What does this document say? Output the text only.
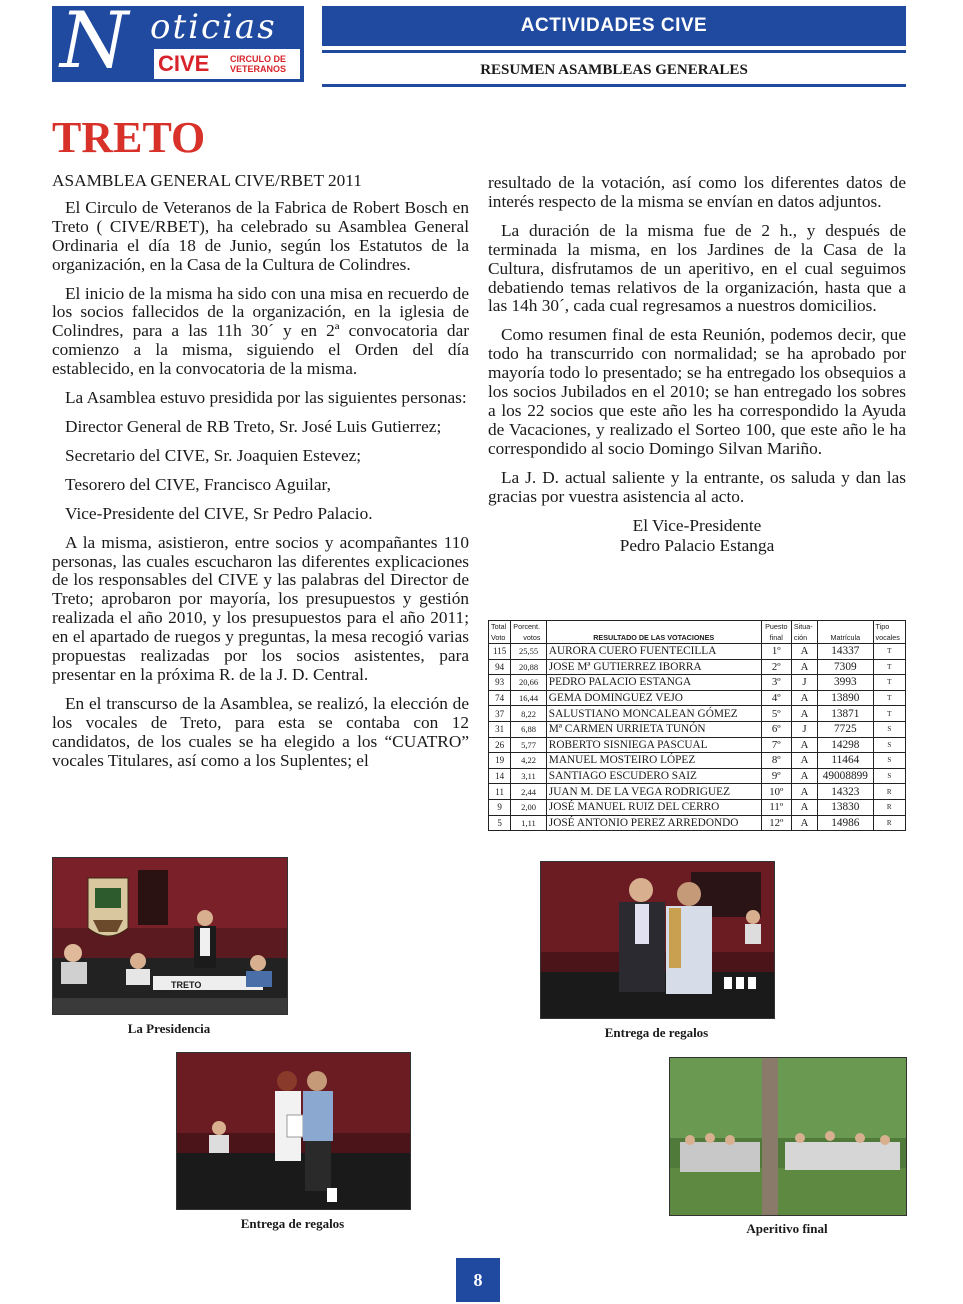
N oticias
CIVE	CIRCULO DE
VETERANOS
ACTIVIDADES CIVE
RESUMEN ASAMBLEAS GENERALES
TRETO

ASAMBLEA GENERAL CIVE/RBET 2011

El Circulo de Veteranos de la Fabrica de Robert Bosch en Treto ( CIVE/RBET), ha celebrado su Asamblea General Ordinaria el día 18 de Junio, según los Estatutos de la organización, en la Casa de la Cultura de Colindres.

El inicio de la misma ha sido con una misa en recuerdo de los socios fallecidos de la organización, en la iglesia de Colindres, para a las 11h 30´ y en 2ª convocatoria dar comienzo a la misma, siguiendo el Orden del día establecido, en la convocatoria de la misma.

La Asamblea estuvo presidida por las siguientes personas:

Director General de RB Treto, Sr. José Luis Gutierrez;

Secretario del CIVE, Sr. Joaquien Estevez;

Tesorero del CIVE, Francisco Aguilar,

Vice-Presidente del CIVE, Sr Pedro Palacio.

A la misma, asistieron, entre socios y acompañantes 110 personas, las cuales escucharon las diferentes explicaciones de los responsables del CIVE y las palabras del Director de Treto; aprobaron por mayoría, los presupuestos y gestión realizada el año 2010, y los presupuestos para el año 2011; en el apartado de ruegos y preguntas, la mesa recogió varias propuestas realizadas por los socios asistentes, para presentar en la próxima R. de la J. D. Central.

En el transcurso de la Asamblea, se realizó, la elección de los vocales de Treto, para esta se contaba con 12 candidatos, de los cuales se ha elegido a los “CUATRO” vocales Titulares, así como a los Suplentes; el

resultado de la votación, así como los diferentes datos de interés respecto de la misma se envían en datos adjuntos.

La duración de la misma fue de 2 h., y después de terminada la misma, en los Jardines de la Casa de la Cultura, disfrutamos de un aperitivo, en el cual seguimos debatiendo temas relativos de la organización, hasta que a las 14h 30´, cada cual regresamos a nuestros domicilios.

Como resumen final de esta Reunión, podemos decir, que todo ha transcurrido con normalidad; se ha aprobado por mayoría todo lo presentado; se ha entregado los obsequios a los socios Jubilados en el 2010; se han entregado los sobres a los 22 socios que este año les ha correspondido la Ayuda de Vacaciones, y realizado el Sorteo 100, que este año le ha correspondido al socio Domingo Silvan Mariño.

La J. D. actual saliente y la entrante, os saluda y dan las gracias por vuestra asistencia al acto.

El Vice-Presidente

Pedro Palacio Estanga

Total
Voto	Porcent.
votos	RESULTADO DE LAS VOTACIONES	Puesto
final	Situa-
ción	Matrícula	Tipo
vocales
115	25,55	AURORA CUERO FUENTECILLA	1º	A	14337	T
94	20,88	JOSE Mª GUTIERREZ IBORRA	2º	A	7309	T
93	20,66	PEDRO PALACIO ESTANGA	3º	J	3993	T
74	16,44	GEMA DOMINGUEZ VEJO	4º	A	13890	T
37	8,22	SALUSTIANO MONCALEAN GÓMEZ	5º	A	13871	T
31	6,88	Mª CARMEN URRIETA TUNÓN	6º	J	7725	S
26	5,77	ROBERTO SISNIEGA PASCUAL	7º	A	14298	S
19	4,22	MANUEL MOSTEIRO LÓPEZ	8º	A	11464	S
14	3,11	SANTIAGO ESCUDERO SAIZ	9º	A	49008899	S
11	2,44	JUAN M. DE LA VEGA RODRIGUEZ	10º	A	14323	R
9	2,00	JOSÉ MANUEL RUIZ DEL CERRO	11º	A	13830	R
5	1,11	JOSÉ ANTONIO PEREZ ARREDONDO	12º	A	14986	R
TRETO
La Presidencia	Entrega de regalos
Entrega de regalos	Aperitivo final
8
